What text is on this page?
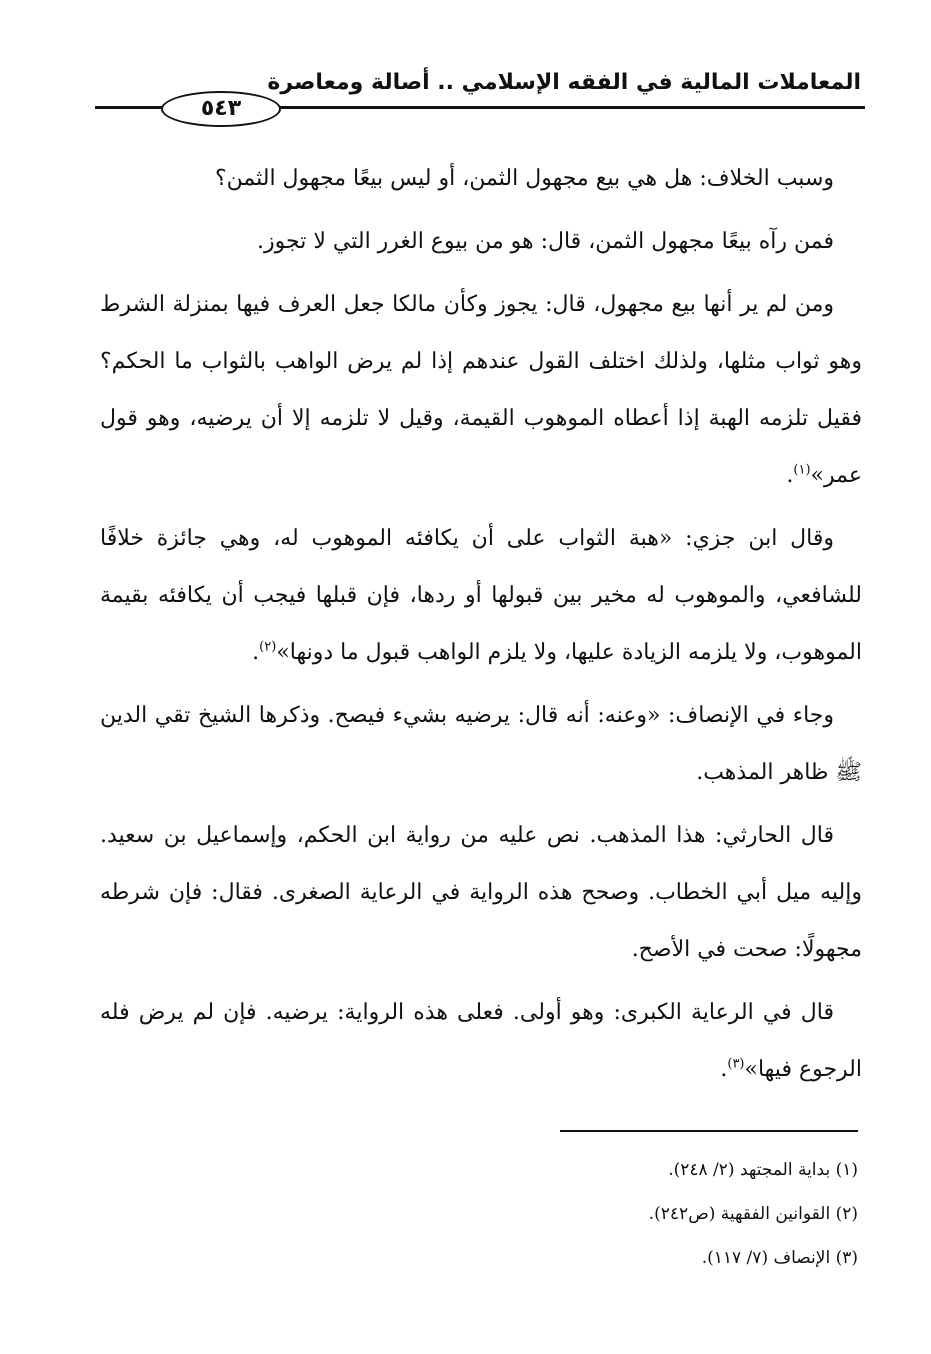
المعاملات المالية في الفقه الإسلامي .. أصالة ومعاصرة
٥٤٣

وسبب الخلاف: هل هي بيع مجهول الثمن، أو ليس بيعًا مجهول الثمن؟

فمن رآه بيعًا مجهول الثمن، قال: هو من بيوع الغرر التي لا تجوز.

ومن لم ير أنها بيع مجهول، قال: يجوز وكأن مالكا جعل العرف فيها بمنزلة الشرط وهو ثواب مثلها، ولذلك اختلف القول عندهم إذا لم يرض الواهب بالثواب ما الحكم؟ فقيل تلزمه الهبة إذا أعطاه الموهوب القيمة، وقيل لا تلزمه إلا أن يرضيه، وهو قول عمر»$^{(١)}$.

وقال ابن جزي: «هبة الثواب على أن يكافئه الموهوب له، وهي جائزة خلافًا للشافعي، والموهوب له مخير بين قبولها أو ردها، فإن قبلها فيجب أن يكافئه بقيمة الموهوب، ولا يلزمه الزيادة عليها، ولا يلزم الواهب قبول ما دونها»$^{(٢)}$.

وجاء في الإنصاف: «وعنه: أنه قال: يرضيه بشيء فيصح. وذكرها الشيخ تقي الدين ﷺ ظاهر المذهب.

قال الحارثي: هذا المذهب. نص عليه من رواية ابن الحكم، وإسماعيل بن سعيد. وإليه ميل أبي الخطاب. وصحح هذه الرواية في الرعاية الصغرى. فقال: فإن شرطه مجهولًا: صحت في الأصح.

قال في الرعاية الكبرى: وهو أولى. فعلى هذه الرواية: يرضيه. فإن لم يرض فله الرجوع فيها»$^{(٣)}$.

(١) بداية المجتهد (٢/ ٢٤٨).

(٢) القوانين الفقهية (ص٢٤٢).

(٣) الإنصاف (٧/ ١١٧).
